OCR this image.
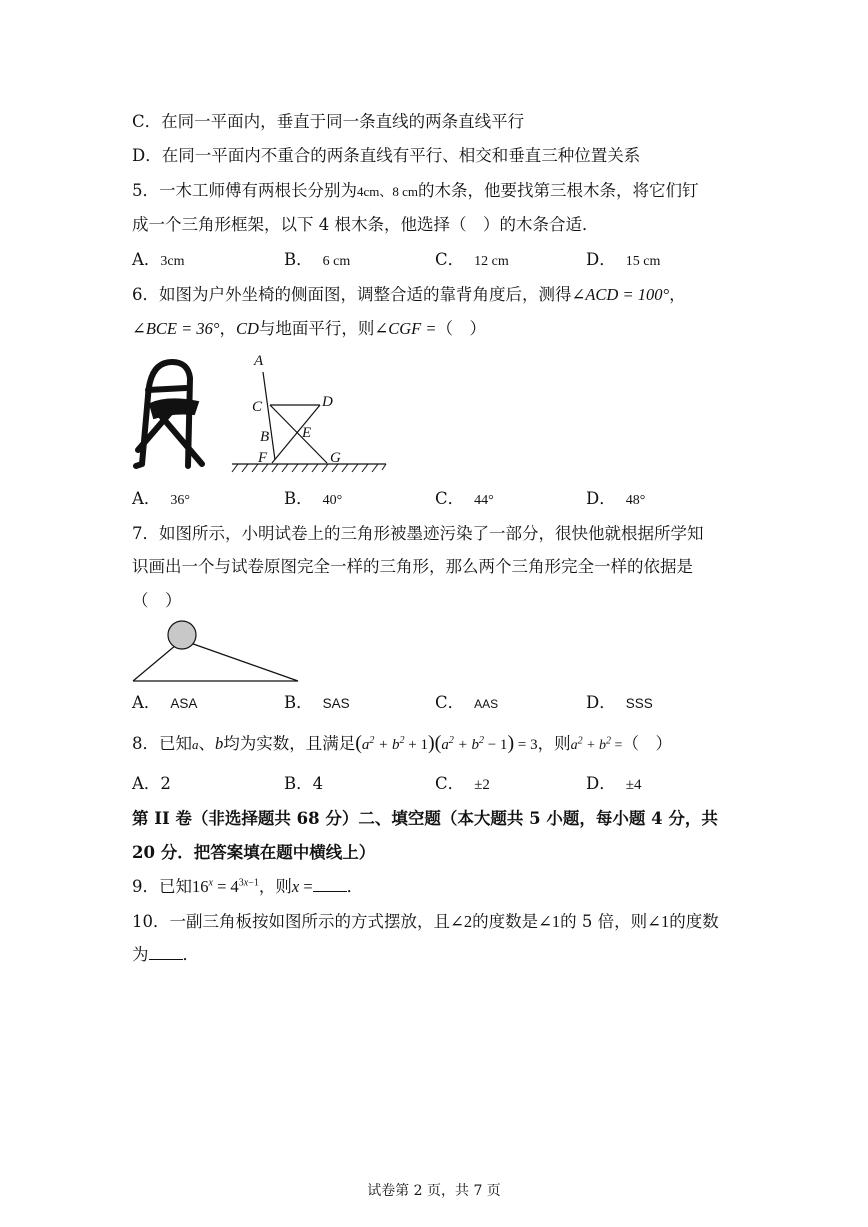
C．在同一平面内，垂直于同一条直线的两条直线平行
D．在同一平面内不重合的两条直线有平行、相交和垂直三种位置关系
5．一木工师傅有两根长分别为4cm、8 cm的木条，他要找第三根木条，将它们钉
成一个三角形框架，以下 4 根木条，他选择（　）的木条合适．
A．3cm	B． 6 cm	C． 12 cm	D． 15 cm
6．如图为户外坐椅的侧面图，调整合适的靠背角度后，测得∠ACD = 100°，
∠BCE = 36°，CD与地面平行，则∠CGF =（　）
A
C	D
B E
F	G
A． 36°	B． 40°	C． 44°	D． 48°
7．如图所示，小明试卷上的三角形被墨迹污染了一部分，很快他就根据所学知
识画出一个与试卷原图完全一样的三角形，那么两个三角形完全一样的依据是
（　）
A． ASA	B． SAS	C． AAS	D． SSS
8．已知a、b均为实数，且满足$(a^2 + b^2 + 1)(a^2 + b^2 - 1) = 3$，则$a^2 + b^2$ =（　）
A．2	B．4	C． ±2	D． ±4
第 II 卷（非选择题共 68 分）二、填空题（本大题共 5 小题，每小题 4 分，共
20 分．把答案填在题中横线上）
9．已知$16^x = 4^{3x-1}$，则x = ．
10．一副三角板按如图所示的方式摆放，且∠2的度数是∠1的 5 倍，则∠1的度数
为 ．
试卷第 2 页，共 7 页
